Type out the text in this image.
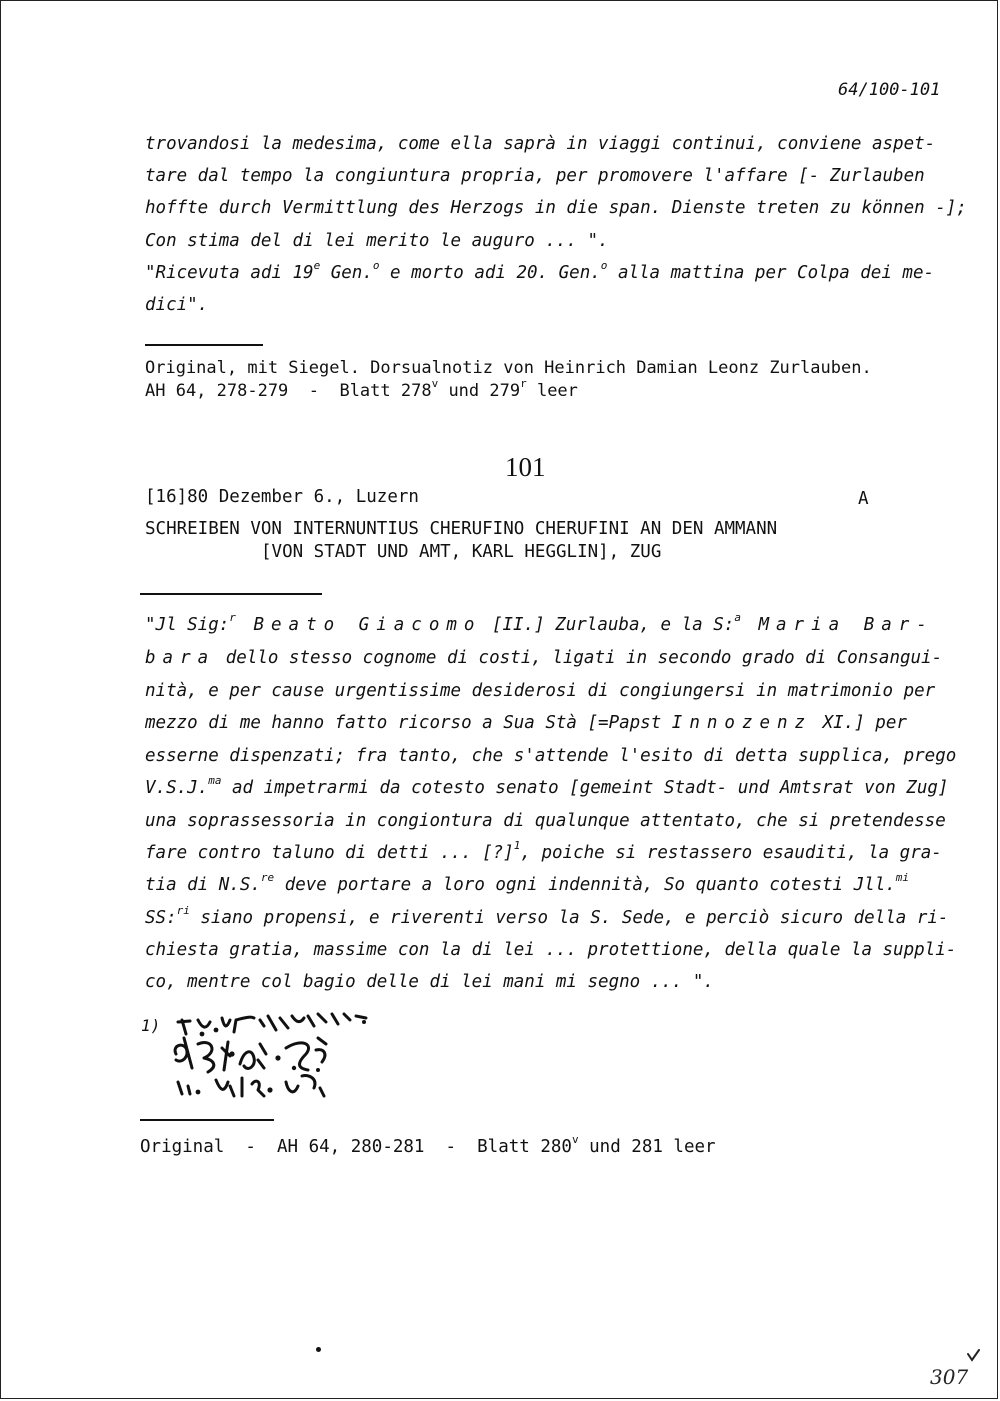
64/100-101
trovandosi la medesima, come ella saprà in viaggi continui, conviene aspet-
tare dal tempo la congiuntura propria, per promovere l'affare [- Zurlauben
hoffte durch Vermittlung des Herzogs in die span. Dienste treten zu können -];
Con stima del di lei merito le auguro ... ".
"Ricevuta adi 19e Gen.$^o$ e morto adi 20. Gen.$^o$ alla mattina per Colpa dei me-
dici".
Original, mit Siegel. Dorsualnotiz von Heinrich Damian Leonz Zurlauben.
AH 64, 278-279  -  Blatt 278$^v$ und 279$^r$ leer
101
[16]80 Dezember 6., Luzern	A
SCHREIBEN VON INTERNUNTIUS CHERUFINO CHERUFINI AN DEN AMMANN
[VON STADT UND AMT, KARL HEGGLIN], ZUG
"Jl Sig:$^r$ Beato Giacomo [II.] Zurlauba, e la S:$^a$ Maria Bar-
bara dello stesso cognome di costi, ligati in secondo grado di Consangui-
nità, e per cause urgentissime desiderosi di congiungersi in matrimonio per
mezzo di me hanno fatto ricorso a Sua Stà [=Papst Innozenz XI.] per
esserne dispenzati; fra tanto, che s'attende l'esito di detta supplica, prego
V.S.J.$^{ma}$ ad impetrarmi da cotesto senato [gemeint Stadt- und Amtsrat von Zug]
una soprassessoria in congiontura di qualunque attentato, che si pretendesse
fare contro taluno di detti ... [?]$^1$, poiche si restassero esauditi, la gra-
tia di N.S.$^{re}$ deve portare a loro ogni indennità, So quanto cotesti Jll.$^{mi}$
SS:$^{ri}$ siano propensi, e riverenti verso la S. Sede, e perciò sicuro della ri-
chiesta gratia, massime con la di lei ... protettione, della quale la suppli-
co, mentre col bagio delle di lei mani mi segno ... ".
1)
Original  -  AH 64, 280-281  -  Blatt 280$^v$ und 281 leer
307
